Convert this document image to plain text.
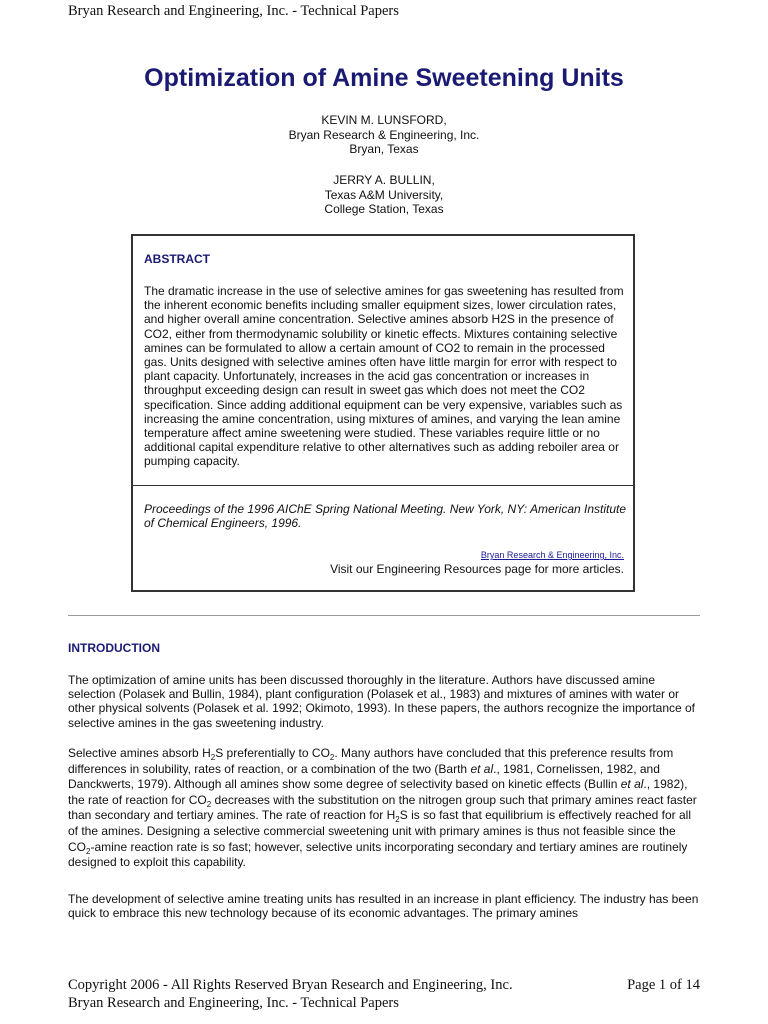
Bryan Research and Engineering, Inc. - Technical Papers
Optimization of Amine Sweetening Units
KEVIN M. LUNSFORD,
Bryan Research & Engineering, Inc.
Bryan, Texas
JERRY A. BULLIN,
Texas A&M University,
College Station, Texas
ABSTRACT
The dramatic increase in the use of selective amines for gas sweetening has resulted from the inherent economic benefits including smaller equipment sizes, lower circulation rates, and higher overall amine concentration. Selective amines absorb H2S in the presence of CO2, either from thermodynamic solubility or kinetic effects. Mixtures containing selective amines can be formulated to allow a certain amount of CO2 to remain in the processed gas. Units designed with selective amines often have little margin for error with respect to plant capacity. Unfortunately, increases in the acid gas concentration or increases in throughput exceeding design can result in sweet gas which does not meet the CO2 specification. Since adding additional equipment can be very expensive, variables such as increasing the amine concentration, using mixtures of amines, and varying the lean amine temperature affect amine sweetening were studied. These variables require little or no additional capital expenditure relative to other alternatives such as adding reboiler area or pumping capacity.
Proceedings of the 1996 AIChE Spring National Meeting. New York, NY: American Institute of Chemical Engineers, 1996.
Bryan Research & Engineering, Inc.
Visit our Engineering Resources page for more articles.
INTRODUCTION
The optimization of amine units has been discussed thoroughly in the literature. Authors have discussed amine selection (Polasek and Bullin, 1984), plant configuration (Polasek et al., 1983) and mixtures of amines with water or other physical solvents (Polasek et al. 1992; Okimoto, 1993). In these papers, the authors recognize the importance of selective amines in the gas sweetening industry.
Selective amines absorb $H_2S$ preferentially to $CO_2$. Many authors have concluded that this preference results from differences in solubility, rates of reaction, or a combination of the two (Barth et al., 1981, Cornelissen, 1982, and Danckwerts, 1979). Although all amines show some degree of selectivity based on kinetic effects (Bullin et al., 1982), the rate of reaction for $CO_2$ decreases with the substitution on the nitrogen group such that primary amines react faster than secondary and tertiary amines. The rate of reaction for $H_2S$ is so fast that equilibrium is effectively reached for all of the amines. Designing a selective commercial sweetening unit with primary amines is thus not feasible since the $CO_2$-amine reaction rate is so fast; however, selective units incorporating secondary and tertiary amines are routinely designed to exploit this capability.
The development of selective amine treating units has resulted in an increase in plant efficiency. The industry has been quick to embrace this new technology because of its economic advantages. The primary amines
Copyright 2006 - All Rights Reserved Bryan Research and Engineering, Inc.	Page 1 of 14
Bryan Research and Engineering, Inc. - Technical Papers
